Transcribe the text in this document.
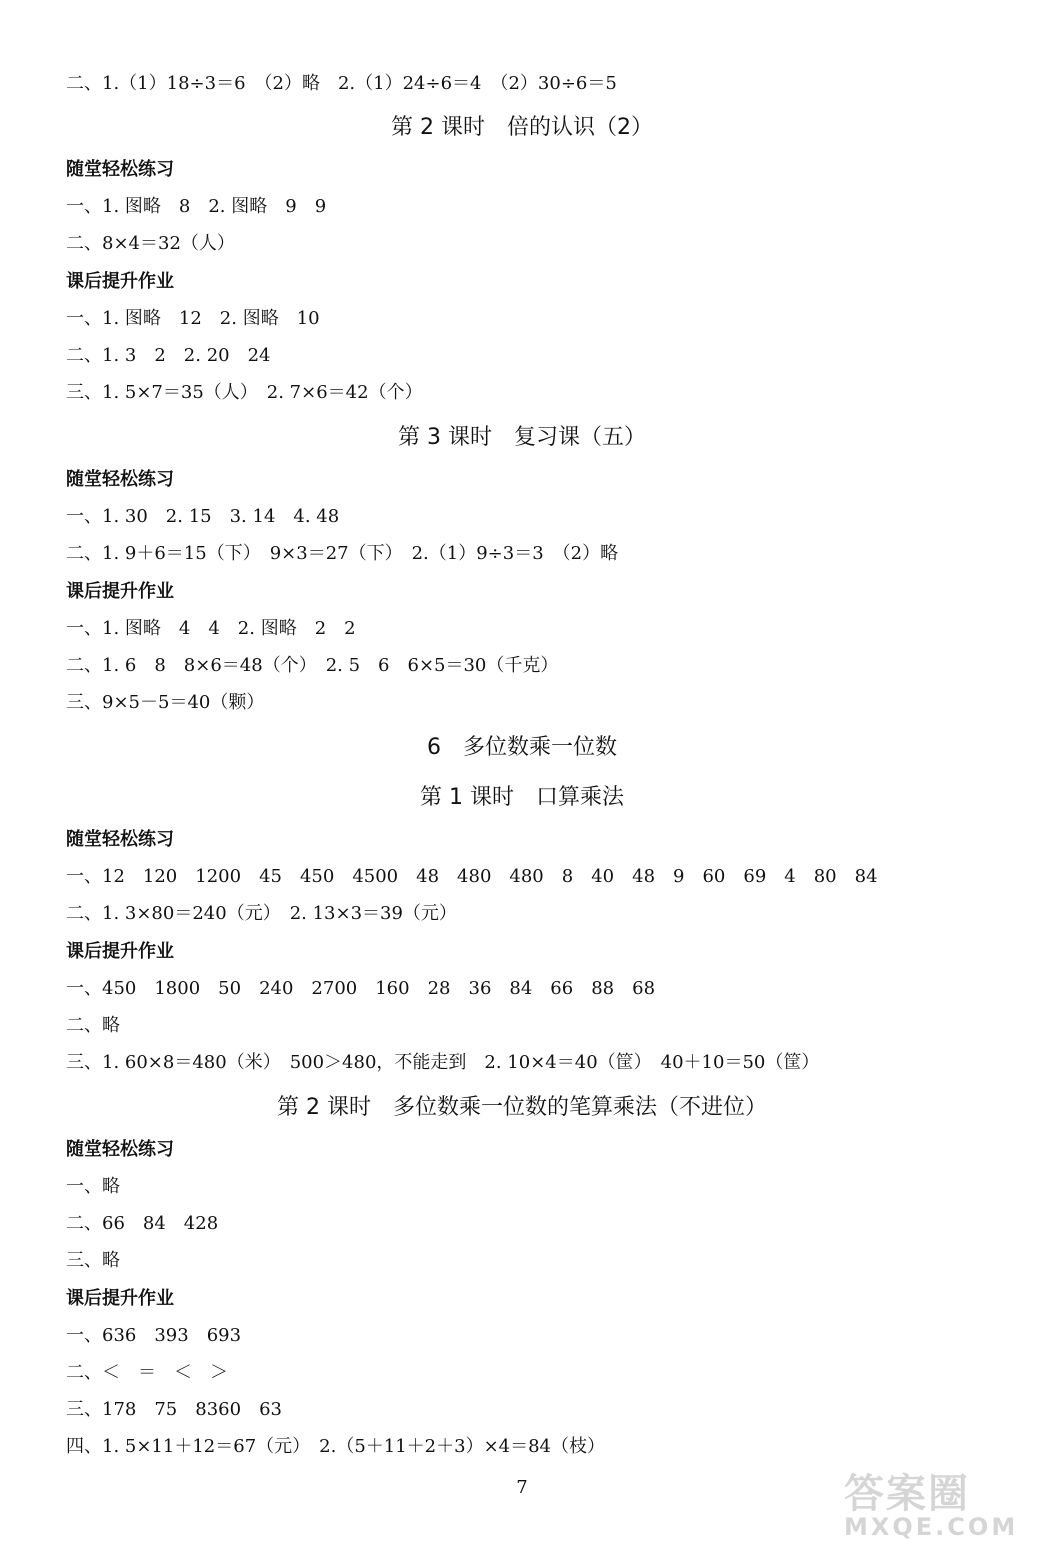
二、1.（1）18÷3＝6　（2）略　2.（1）24÷6＝4　（2）30÷6＝5
第 2 课时　倍的认识（2）
随堂轻松练习
一、1. 图略　8　2. 图略　9　9
二、8×4＝32（人）
课后提升作业
一、1. 图略　12　2. 图略　10
二、1. 3　2　2. 20　24
三、1. 5×7＝35（人）　2. 7×6＝42（个）
第 3 课时　复习课（五）
随堂轻松练习
一、1. 30　2. 15　3. 14　4. 48
二、1. 9＋6＝15（下）　9×3＝27（下）　2.（1）9÷3＝3　（2）略
课后提升作业
一、1. 图略　4　4　2. 图略　2　2
二、1. 6　8　8×6＝48（个）　2. 5　6　6×5＝30（千克）
三、9×5－5＝40（颗）
6　多位数乘一位数
第 1 课时　口算乘法
随堂轻松练习
一、12　120　1200　45　450　4500　48　480　480　8　40　48　9　60　69　4　80　84
二、1. 3×80＝240（元）　2. 13×3＝39（元）
课后提升作业
一、450　1800　50　240　2700　160　28　36　84　66　88　68
二、略
三、1. 60×8＝480（米）　500＞480，不能走到　2. 10×4＝40（筐）　40＋10＝50（筐）
第 2 课时　多位数乘一位数的笔算乘法（不进位）
随堂轻松练习
一、略
二、66　84　428
三、略
课后提升作业
一、636　393　693
二、＜　＝　＜　＞
三、178　75　8360　63
四、1. 5×11＋12＝67（元）　2.（5＋11＋2＋3）×4＝84（枝）
7	答案圈
MXQE.COM
